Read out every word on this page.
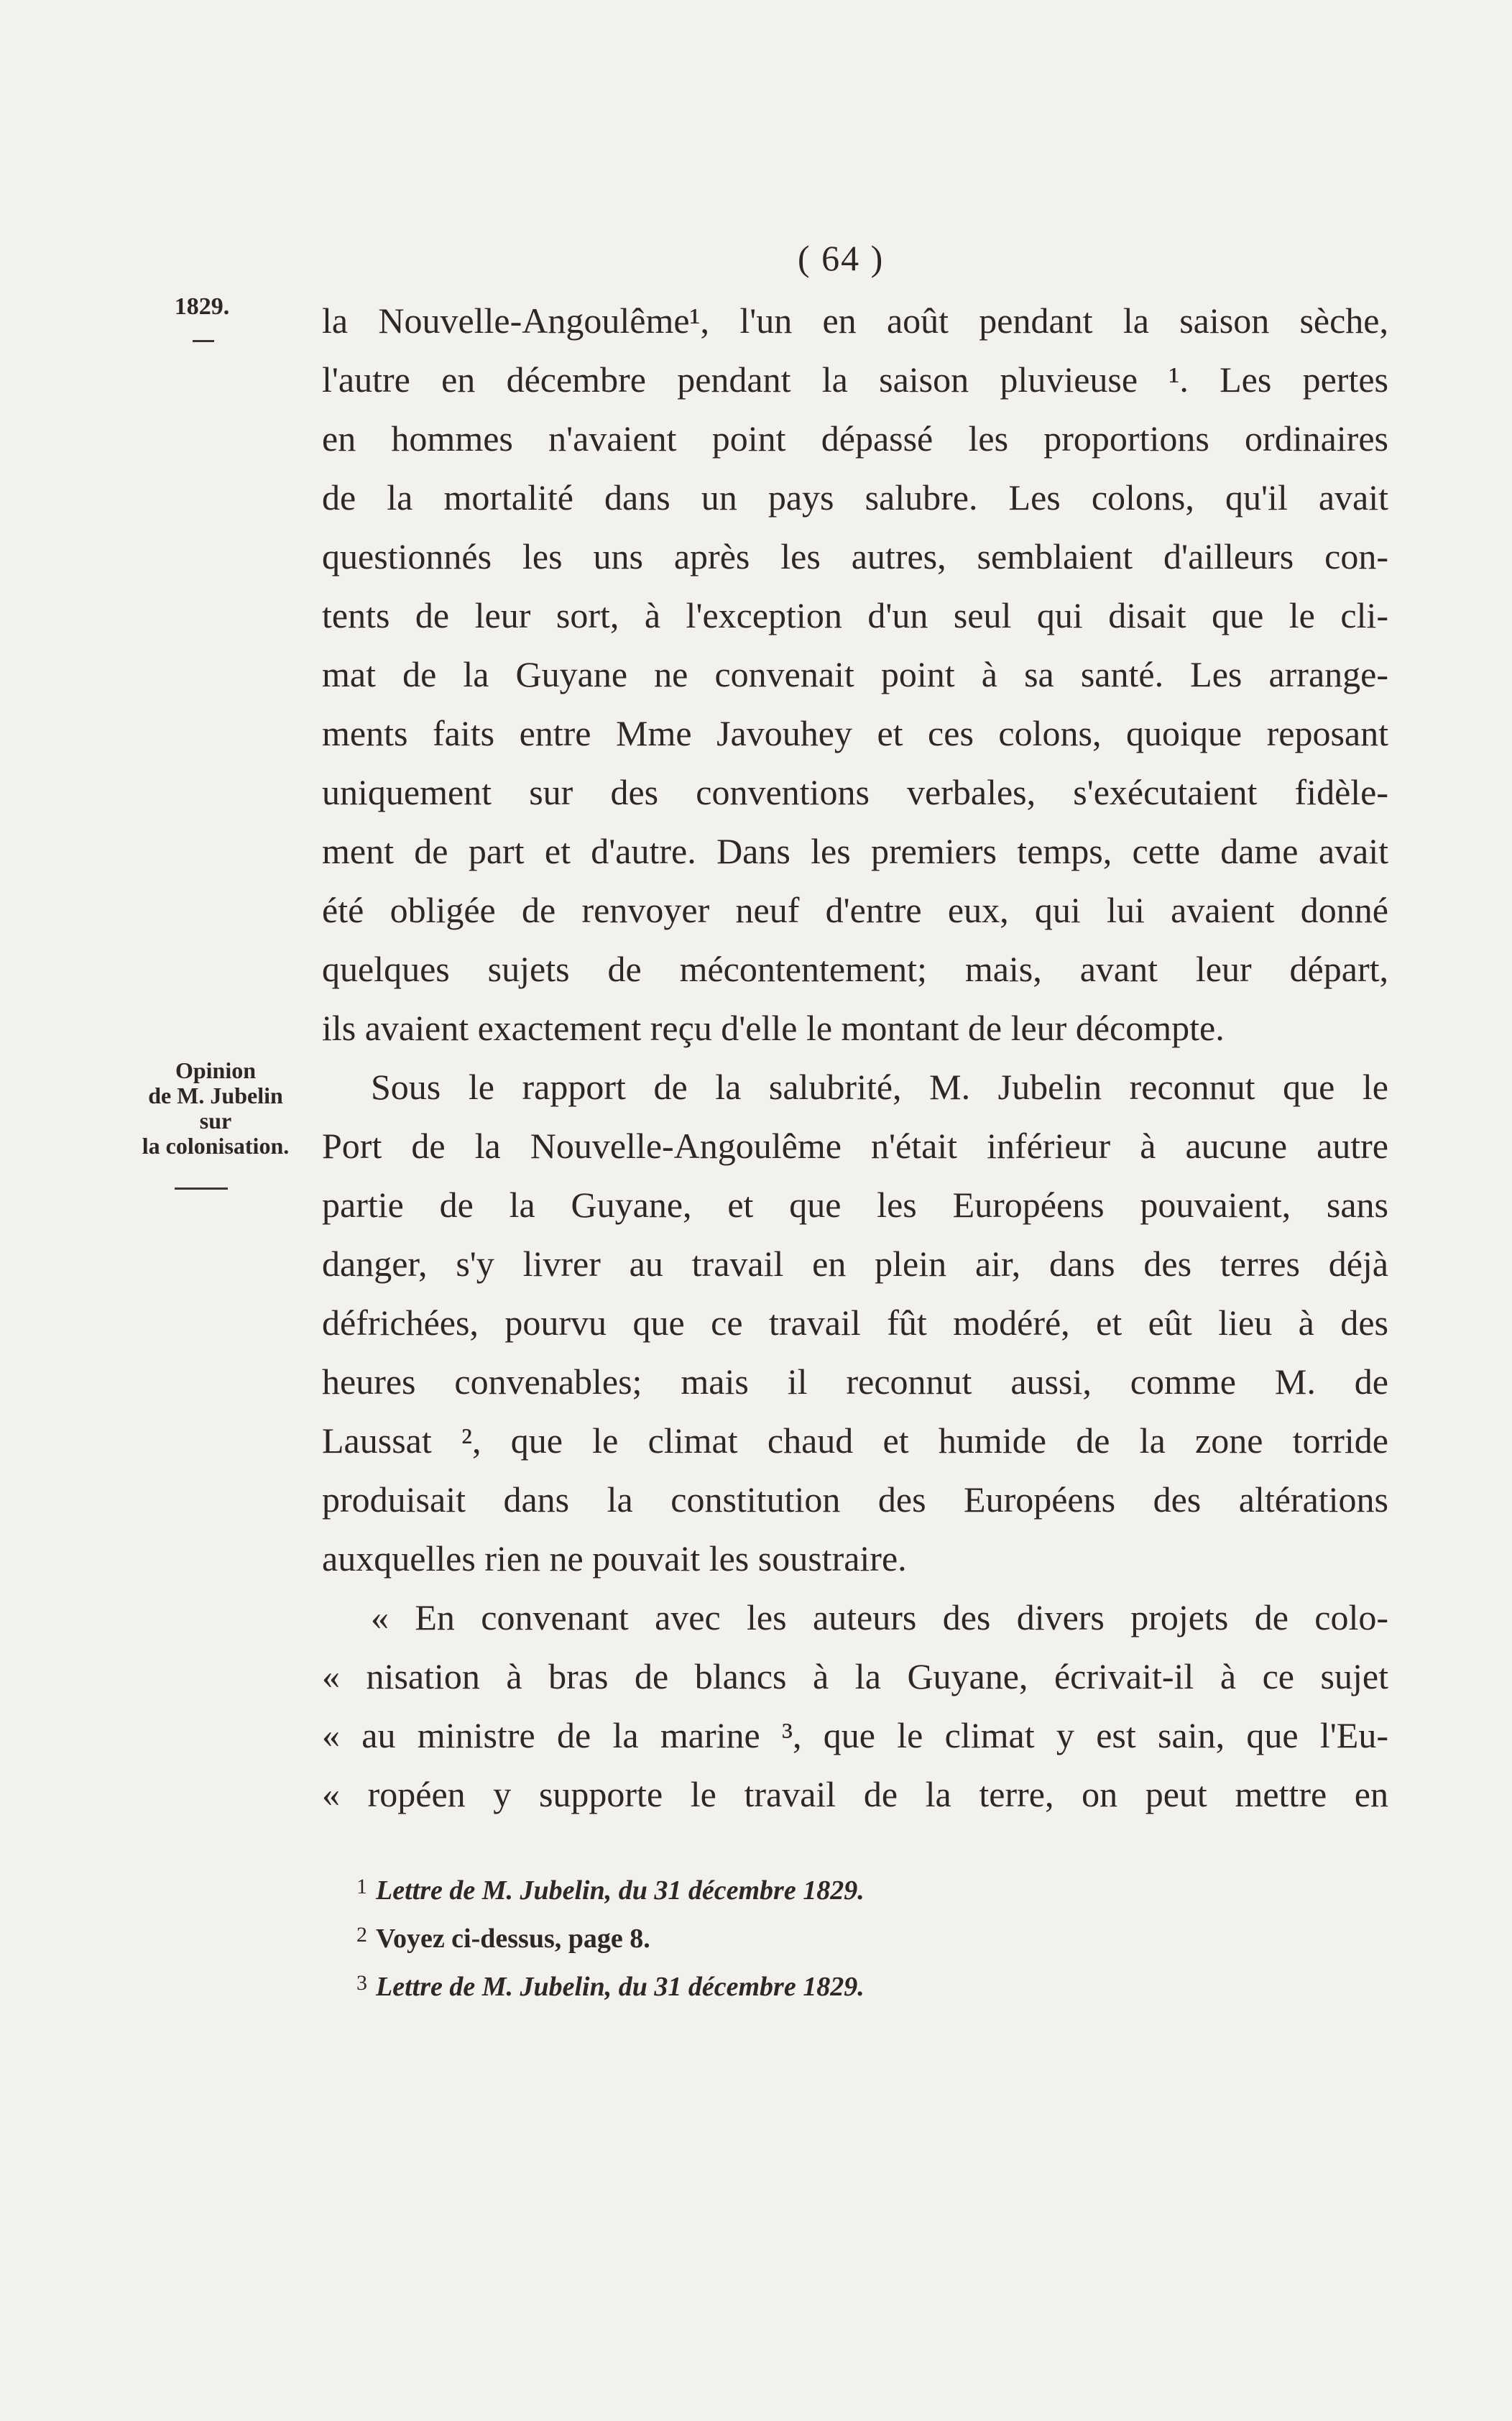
( 64 )
1829.
Opinion
de M. Jubelin
sur
la colonisation.
la Nouvelle-Angoulême¹, l'un en août pendant la saison sèche,
l'autre en décembre pendant la saison pluvieuse ¹. Les pertes
en hommes n'avaient point dépassé les proportions ordinaires
de la mortalité dans un pays salubre. Les colons, qu'il avait
questionnés les uns après les autres, semblaient d'ailleurs con-
tents de leur sort, à l'exception d'un seul qui disait que le cli-
mat de la Guyane ne convenait point à sa santé. Les arrange-
ments faits entre Mme Javouhey et ces colons, quoique reposant
uniquement sur des conventions verbales, s'exécutaient fidèle-
ment de part et d'autre. Dans les premiers temps, cette dame avait
été obligée de renvoyer neuf d'entre eux, qui lui avaient donné
quelques sujets de mécontentement; mais, avant leur départ,
ils avaient exactement reçu d'elle le montant de leur décompte.
Sous le rapport de la salubrité, M. Jubelin reconnut que le
Port de la Nouvelle-Angoulême n'était inférieur à aucune autre
partie de la Guyane, et que les Européens pouvaient, sans
danger, s'y livrer au travail en plein air, dans des terres déjà
défrichées, pourvu que ce travail fût modéré, et eût lieu à des
heures convenables; mais il reconnut aussi, comme M. de
Laussat ², que le climat chaud et humide de la zone torride
produisait dans la constitution des Européens des altérations
auxquelles rien ne pouvait les soustraire.
« En convenant avec les auteurs des divers projets de colo-
« nisation à bras de blancs à la Guyane, écrivait-il à ce sujet
« au ministre de la marine ³, que le climat y est sain, que l'Eu-
« ropéen y supporte le travail de la terre, on peut mettre en
$^1$ Lettre de M. Jubelin, du 31 décembre 1829.
$^2$ Voyez ci-dessus, page 8.
$^3$ Lettre de M. Jubelin, du 31 décembre 1829.
